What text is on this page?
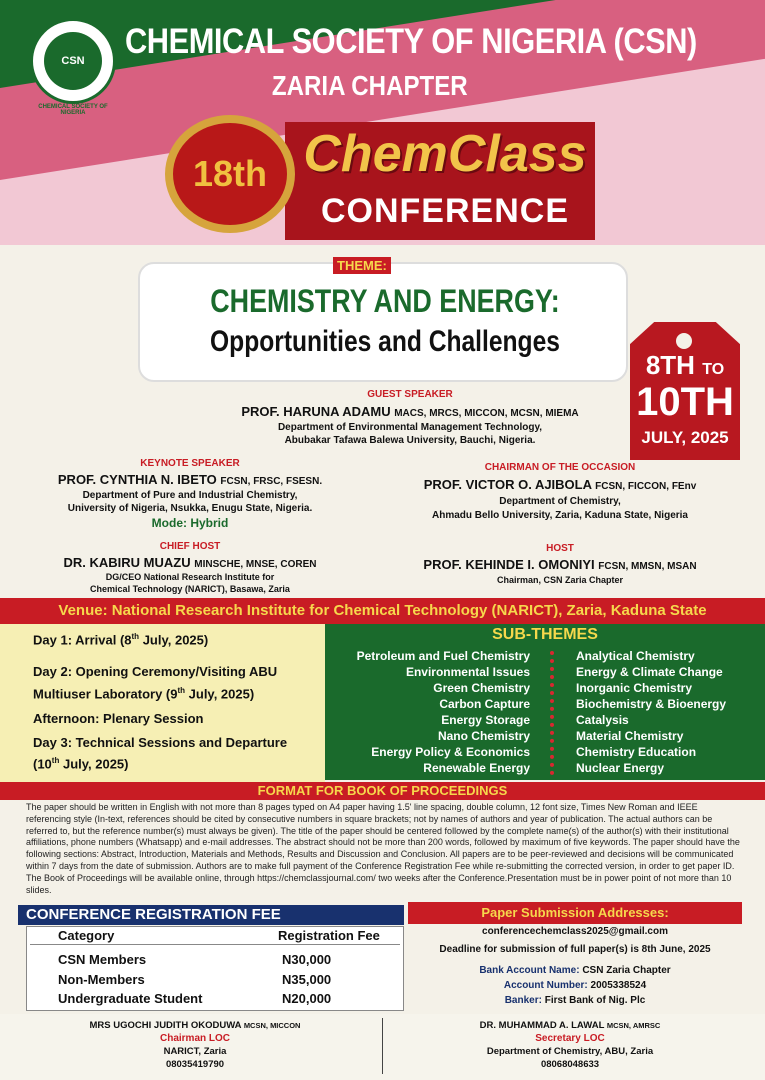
CSN
CHEMICAL SOCIETY OF NIGERIA
CHEMICAL SOCIETY OF NIGERIA (CSN)
ZARIA CHAPTER
18th ChemClass
CONFERENCE
THEME:
CHEMISTRY AND ENERGY:
Opportunities and Challenges
8TH TO
10TH
JULY, 2025
GUEST SPEAKER
PROF. HARUNA ADAMU MACS, MRCS, MICCON, MCSN, MIEMA
Department of Environmental Management Technology,
Abubakar Tafawa Balewa University, Bauchi, Nigeria.
KEYNOTE SPEAKER
PROF. CYNTHIA N. IBETO FCSN, FRSC, FSESN.
Department of Pure and Industrial Chemistry,
University of Nigeria, Nsukka, Enugu State, Nigeria.
Mode: Hybrid
CHAIRMAN OF THE OCCASION
PROF. VICTOR O. AJIBOLA FCSN, FICCON, FEnv
Department of Chemistry,
Ahmadu Bello University, Zaria, Kaduna State, Nigeria
CHIEF HOST
DR. KABIRU MUAZU MINSCHE, MNSE, COREN
DG/CEO National Research Institute for
Chemical Technology (NARICT), Basawa, Zaria
HOST
PROF. KEHINDE I. OMONIYI FCSN, MMSN, MSAN
Chairman, CSN Zaria Chapter
Venue: National Research Institute for Chemical Technology (NARICT), Zaria, Kaduna State
Day 1: Arrival (8th July, 2025)
Day 2: Opening Ceremony/Visiting ABU
Multiuser Laboratory (9th July, 2025)
Afternoon: Plenary Session
Day 3: Technical Sessions and Departure
(10th July, 2025)
SUB-THEMES
Petroleum and Fuel Chemistry
Environmental Issues
Green Chemistry
Carbon Capture
Energy Storage
Nano Chemistry
Energy Policy & Economics
Renewable Energy
Analytical Chemistry
Energy & Climate Change
Inorganic Chemistry
Biochemistry & Bioenergy
Catalysis
Material Chemistry
Chemistry Education
Nuclear Energy
FORMAT FOR BOOK OF PROCEEDINGS
The paper should be written in English with not more than 8 pages typed on A4 paper having 1.5' line spacing, double column, 12 font size, Times New Roman and IEEE referencing style (In-text, references should be cited by consecutive numbers in square brackets; not by names of authors and year of publication. The actual authors can be referred to, but the reference number(s) must always be given). The title of the paper should be centered followed by the complete name(s) of the author(s) with their institutional affiliations, phone numbers (Whatsapp) and e-mail addresses. The abstract should not be more than 200 words, followed by maximum of five keywords. The paper should have the following sections: Abstract, Introduction, Materials and Methods, Results and Discussion and Conclusion. All papers are to be peer-reviewed and decisions will be communicated within 7 days from the date of submission. Authors are to make full payment of the Conference Registration Fee while re-submitting the corrected version, in order to get paper ID. The Book of Proceedings will be available online, through https://chemclassjournal.com/ two weeks after the Conference.Presentation must be in power point of not more than 10 slides.
CONFERENCE REGISTRATION FEE
Category	Registration Fee
CSN Members	N30,000
Non-Members	N35,000
Undergraduate Student	N20,000
Paper Submission Addresses:
conferencechemclass2025@gmail.com
Deadline for submission of full paper(s) is 8th June, 2025
Bank Account Name: CSN Zaria Chapter
Account Number: 2005338524
Banker: First Bank of Nig. Plc
MRS UGOCHI JUDITH OKODUWA MCSN, MICCON
Chairman LOC
NARICT, Zaria
08035419790
DR. MUHAMMAD A. LAWAL MCSN, AMRSC
Secretary LOC
Department of Chemistry, ABU, Zaria
08068048633
